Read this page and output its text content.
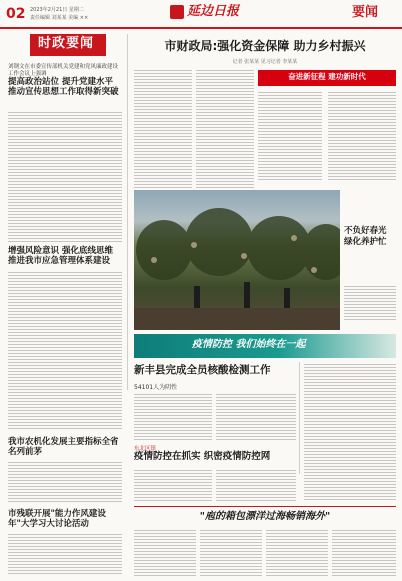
02 2023年2月21日 星期二
责任编辑 刘某某 美编 ××	延边日报	要闻
时政要闻
刘钢文在市委宣传部机关党建和党风廉政建设工作会议上强调
提高政治站位 提升党建水平 推动宣传思想工作取得新突破
增强风险意识 强化底线思维 推进我市应急管理体系建设
我市农机化发展主要指标全省名列前茅
市残联开展"能力作风建设年"大学习大讨论活动
市财政局:强化资金保障 助力乡村振兴
记者 张某某 见习记者 李某某
奋进新征程 建功新时代
不负好春光 绿化养护忙
疫情防控 我们始终在一起
新丰县完成全员核酸检测工作
54101人为阴性
东北区镇
疫情防控在抓实 织密疫情防控网
"庖的箱包漂洋过海畅销海外"
